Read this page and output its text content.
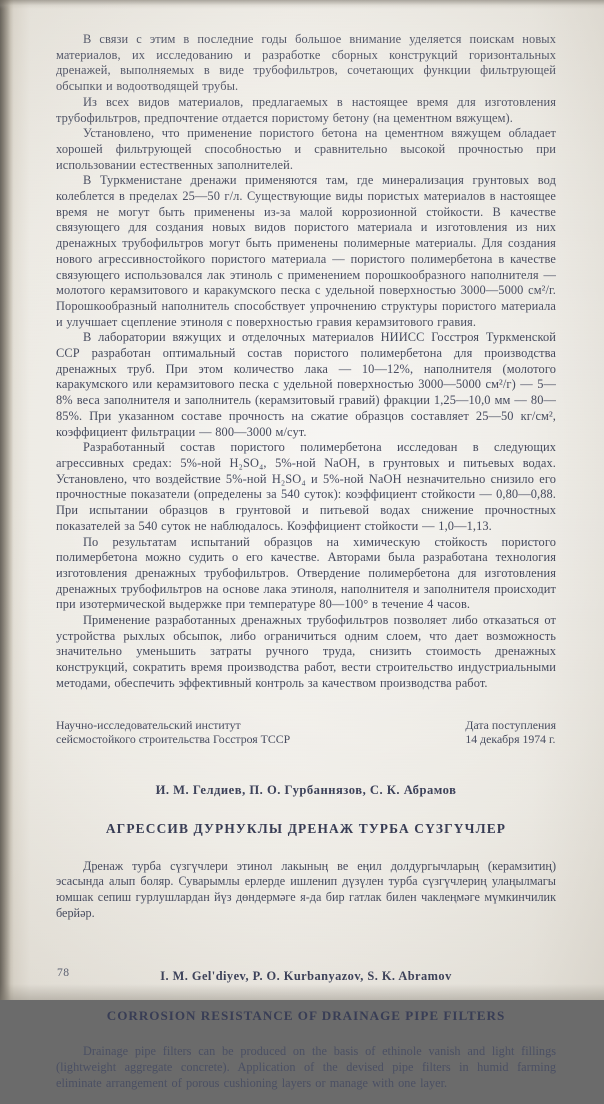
В связи с этим в последние годы большое внимание уделяется поискам новых материалов, их исследованию и разработке сборных конструкций горизонтальных дренажей, выполняемых в виде трубофильтров, сочетающих функции фильтрующей обсыпки и водоотводящей трубы.

Из всех видов материалов, предлагаемых в настоящее время для изготовления трубофильтров, предпочтение отдается пористому бетону (на цементном вяжущем).

Установлено, что применение пористого бетона на цементном вяжущем обладает хорошей фильтрующей способностью и сравнительно высокой прочностью при использовании естественных заполнителей.

В Туркменистане дренажи применяются там, где минерализация грунтовых вод колеблется в пределах 25—50 г/л. Существующие виды пористых материалов в настоящее время не могут быть применены из-за малой коррозионной стойкости. В качестве связующего для создания новых видов пористого материала и изготовления из них дренажных трубофильтров могут быть применены полимерные материалы. Для создания нового агрессивностойкого пористого материала — пористого полимербетона в качестве связующего использовался лак этиноль с применением порошкообразного наполнителя — молотого керамзитового и каракумского песка с удельной поверхностью 3000—5000 см²/г. Порошкообразный наполнитель способствует упрочнению структуры пористого материала и улучшает сцепление этиноля с поверхностью гравия керамзитового гравия.

В лаборатории вяжущих и отделочных материалов НИИСС Госстроя Туркменской ССР разработан оптимальный состав пористого полимербетона для производства дренажных труб. При этом количество лака — 10—12%, наполнителя (молотого каракумского или керамзитового песка с удельной поверхностью 3000—5000 см²/г) — 5—8% веса заполнителя и заполнитель (керамзитовый гравий) фракции 1,25—10,0 мм — 80—85%. При указанном составе прочность на сжатие образцов составляет 25—50 кг/см², коэффициент фильтрации — 800—3000 м/сут.

Разработанный состав пористого полимербетона исследован в следующих агрессивных средах: 5%-ной H₂SO₄, 5%-ной NaOH, в грунтовых и питьевых водах. Установлено, что воздействие 5%-ной H₂SO₄ и 5%-ной NaOH незначительно снизило его прочностные показатели (определены за 540 суток): коэффициент стойкости — 0,80—0,88. При испытании образцов в грунтовой и питьевой водах снижение прочностных показателей за 540 суток не наблюдалось. Коэффициент стойкости — 1,0—1,13.

По результатам испытаний образцов на химическую стойкость пористого полимербетона можно судить о его качестве. Авторами была разработана технология изготовления дренажных трубофильтров. Отвердение полимербетона для изготовления дренажных трубофильтров на основе лака этиноля, наполнителя и заполнителя происходит при изотермической выдержке при температуре 80—100° в течение 4 часов.

Применение разработанных дренажных трубофильтров позволяет либо отказаться от устройства рыхлых обсыпок, либо ограничиться одним слоем, что дает возможность значительно уменьшить затраты ручного труда, снизить стоимость дренажных конструкций, сократить время производства работ, вести строительство индустриальными методами, обеспечить эффективный контроль за качеством производства работ.

Научно-исследовательский институт
сейсмостойкого строительства Госстроя ТССР
Дата поступления
14 декабря 1974 г.
И. М. Гелдиев, П. О. Гурбаннязов, С. К. Абрамов
АГРЕССИВ ДУРНУКЛЫ ДРЕНАЖ ТУРБА СҮЗГҮЧЛЕР

Дренаж турба сүзгүчлери этинол лакының ве еңил долдургычларың (керамзитиң) эсасында алып боляр. Суварымлы ерлерде ишленип дүзүлен турба сүзгүчлериң улаңылмагы юмшак сепиш гурлушлардан йүз дөндермәге я-да бир гатлак билен чаклеңмәге мүмкинчилик берйәр.

I. M. Gel'diyev, P. O. Kurbanyazov, S. K. Abramov
CORROSION RESISTANCE OF DRAINAGE PIPE FILTERS

Drainage pipe filters can be produced on the basis of ethinole vanish and light fillings (lightweight aggregate concrete). Application of the devised pipe filters in humid farming eliminate arrangement of porous cushioning layers or manage with one layer.

78
